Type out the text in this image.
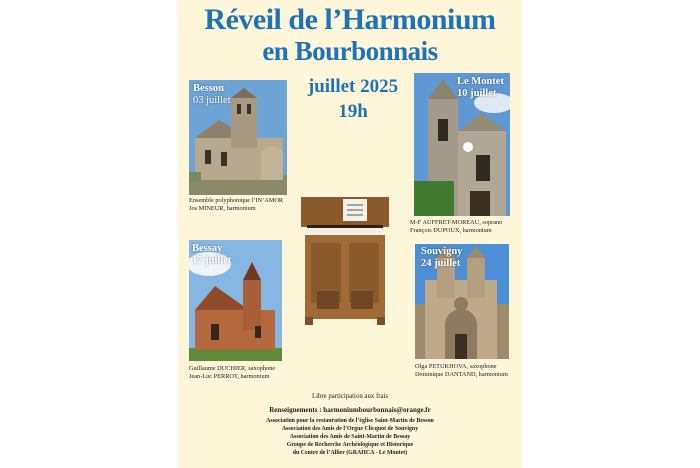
Réveil de l’Harmonium
en Bourbonnais
juillet 2025
19h
Besson
03 juillet
Ensemble polyphonique l’IN’AMOR
Jos MINEUR, harmonium
Le Montet
10 juillet
M-F AUFFRET-MOREAU, soprano
François DUPOUX, harmonium
Bessay
17 juillet
Guillaume DUCHIER, saxophone
Jean-Luc PERROT, harmonium
Souvigny
24 juillet
Olga PETUKHOVA, saxophone
Dominique DANTAND, harmonium
Libre participation aux frais
Renseignements : harmoniumbourbonnais@orange.fr
Association pour la restauration de l’église Saint-Martin de Besson
Association des Amis de l’Orgue Clicquot de Souvigny
Association des Amis de Saint-Martin de Bessay
Groupe de Recherche Archéologique et Historique
du Centre de l’Allier (GRAHCA - Le Montet)
